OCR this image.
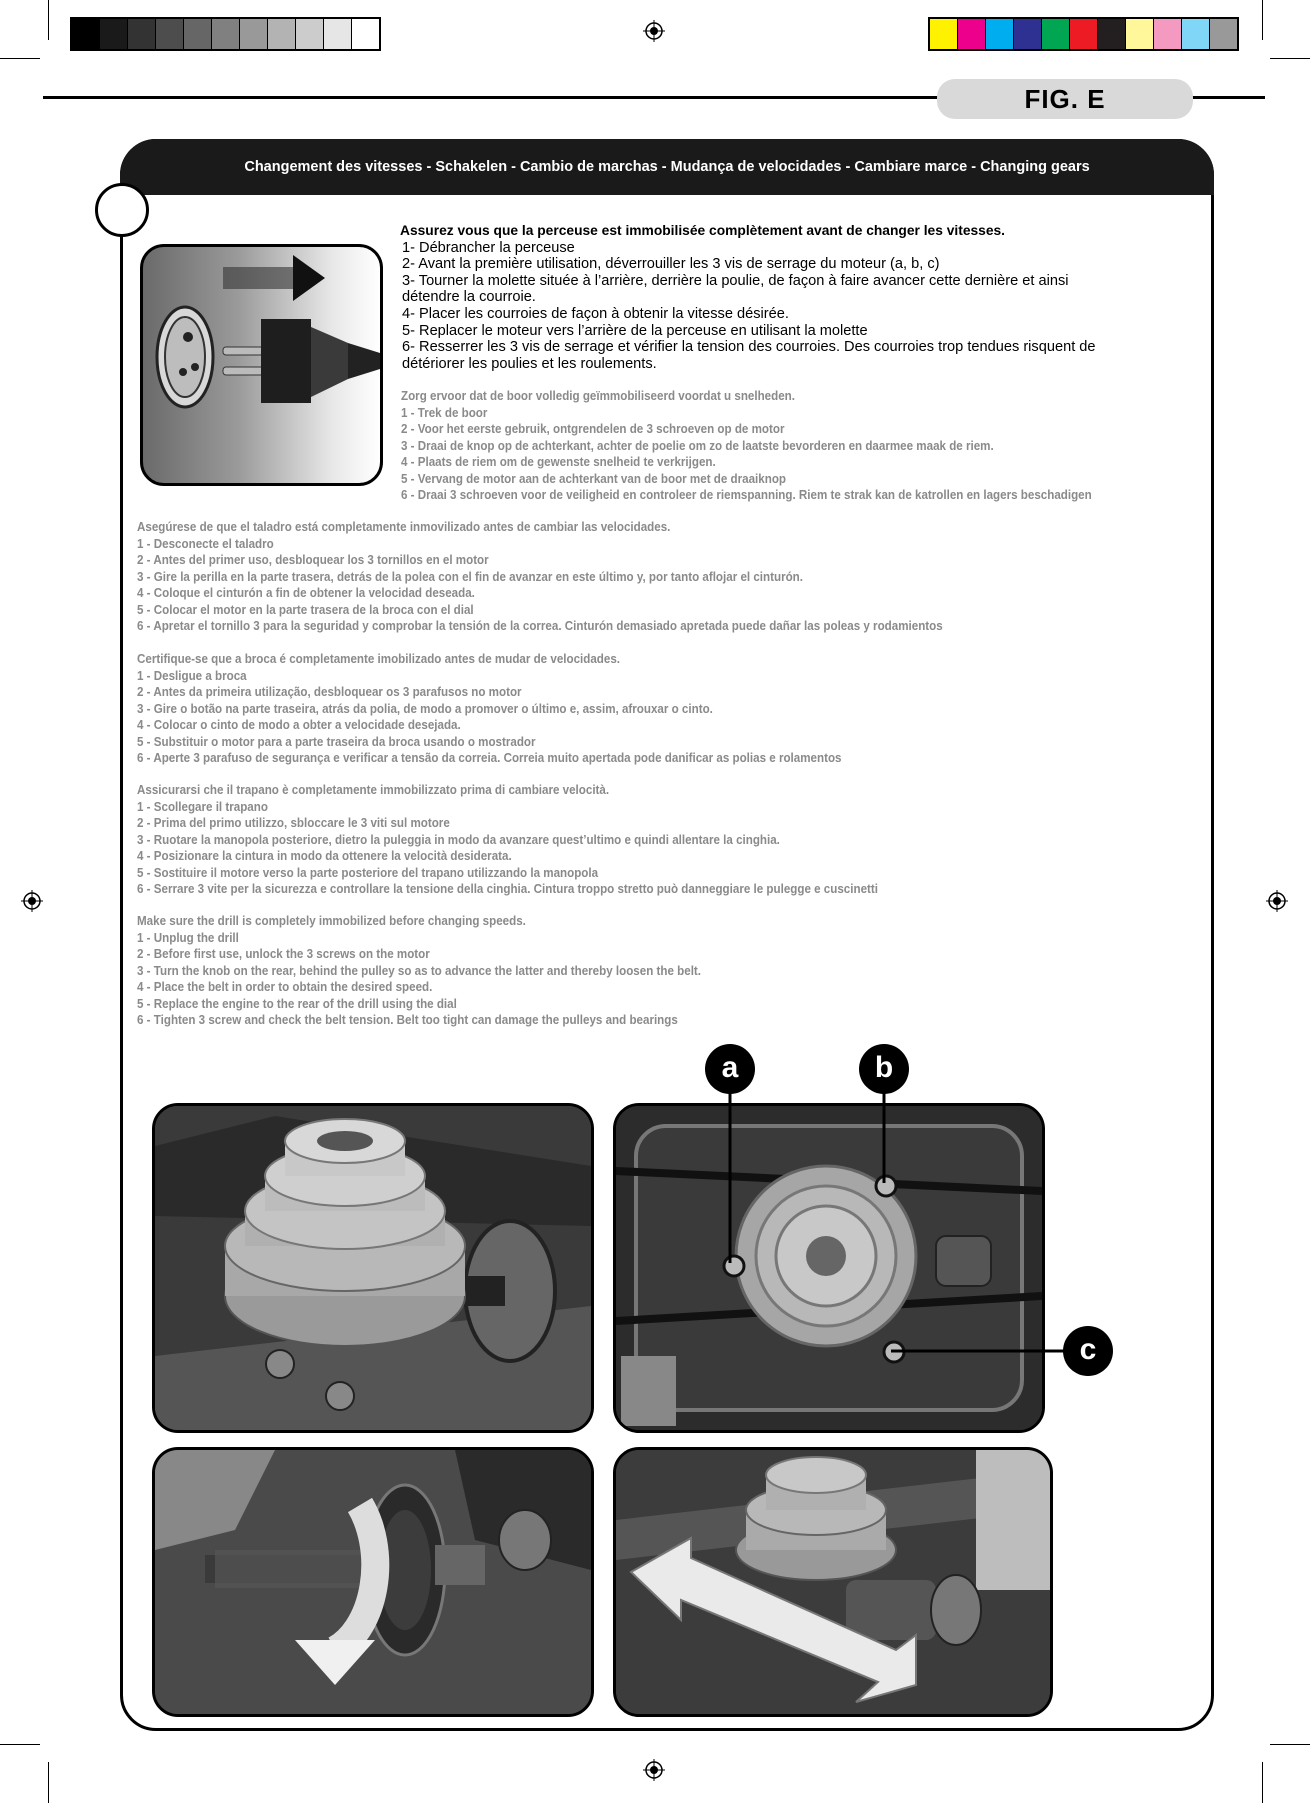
FIG. E
Changement des vitesses - Schakelen - Cambio de marchas - Mudança de velocidades - Cambiare marce - Changing gears
Assurez vous que la perceuse est immobilisée complètement avant de changer les vitesses.
1- Débrancher la perceuse
2- Avant la première utilisation, déverrouiller les 3 vis de serrage du moteur (a, b, c)
3- Tourner la molette située à l’arrière, derrière la poulie, de façon à faire avancer cette dernière et ainsi
détendre la courroie.
4- Placer les courroies de façon à obtenir la vitesse désirée.
5- Replacer le moteur vers l’arrière de la perceuse en utilisant la molette
6- Resserrer les 3 vis de serrage et vérifier la tension des courroies. Des courroies trop tendues risquent de
détériorer les poulies et les roulements.
Zorg ervoor dat de boor volledig geïmmobiliseerd voordat u snelheden.
1 - Trek de boor
2 - Voor het eerste gebruik, ontgrendelen de 3 schroeven op de motor
3 - Draai de knop op de achterkant, achter de poelie om zo de laatste bevorderen en daarmee maak de riem.
4 - Plaats de riem om de gewenste snelheid te verkrijgen.
5 - Vervang de motor aan de achterkant van de boor met de draaiknop
6 - Draai 3 schroeven voor de veiligheid en controleer de riemspanning. Riem te strak kan de katrollen en lagers beschadigen
Asegúrese de que el taladro está completamente inmovilizado antes de cambiar las velocidades.
1 - Desconecte el taladro
2 - Antes del primer uso, desbloquear los 3 tornillos en el motor
3 - Gire la perilla en la parte trasera, detrás de la polea con el fin de avanzar en este último y, por tanto aflojar el cinturón.
4 - Coloque el cinturón a fin de obtener la velocidad deseada.
5 - Colocar el motor en la parte trasera de la broca con el dial
6 - Apretar el tornillo 3 para la seguridad y comprobar la tensión de la correa. Cinturón demasiado apretada puede dañar las poleas y rodamientos
Certifique-se que a broca é completamente imobilizado antes de mudar de velocidades.
1 - Desligue a broca
2 - Antes da primeira utilização, desbloquear os 3 parafusos no motor
3 - Gire o botão na parte traseira, atrás da polia, de modo a promover o último e, assim, afrouxar o cinto.
4 - Colocar o cinto de modo a obter a velocidade desejada.
5 - Substituir o motor para a parte traseira da broca usando o mostrador
6 - Aperte 3 parafuso de segurança e verificar a tensão da correia. Correia muito apertada pode danificar as polias e rolamentos
Assicurarsi che il trapano è completamente immobilizzato prima di cambiare velocità.
1 - Scollegare il trapano
2 - Prima del primo utilizzo, sbloccare le 3 viti sul motore
3 - Ruotare la manopola posteriore, dietro la puleggia in modo da avanzare quest’ultimo e quindi allentare la cinghia.
4 - Posizionare la cintura in modo da ottenere la velocità desiderata.
5 - Sostituire il motore verso la parte posteriore del trapano utilizzando la manopola
6 - Serrare 3 vite per la sicurezza e controllare la tensione della cinghia. Cintura troppo stretto può danneggiare le pulegge e cuscinetti
Make sure the drill is completely immobilized before changing speeds.
1 - Unplug the drill
2 - Before first use, unlock the 3 screws on the motor
3 - Turn the knob on the rear, behind the pulley so as to advance the latter and thereby loosen the belt.
4 - Place the belt in order to obtain the desired speed.
5 - Replace the engine to the rear of the drill using the dial
6 - Tighten 3 screw and check the belt tension. Belt too tight can damage the pulleys and bearings
a	b
c
